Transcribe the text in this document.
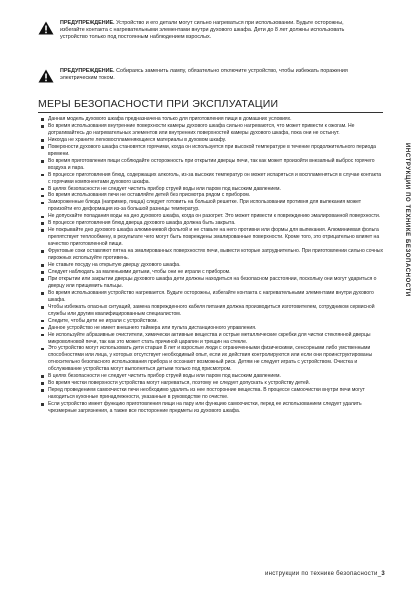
ПРЕДУПРЕЖДЕНИЕ. Устройство и его детали могут сильно нагреваться при использовании. Будьте осторожны, избегайте контакта с нагревательными элементами внутри духового шкафа. Дети до 8 лет должны использовать устройство только под постоянным наблюдением взрослых.
ПРЕДУПРЕЖДЕНИЕ. Собираясь заменить лампу, обязательно отключите устройство, чтобы избежать поражения электрическим током.
МЕРЫ БЕЗОПАСНОСТИ ПРИ ЭКСПЛУАТАЦИИ
Данная модель духового шкафа предназначена только для приготовления пищи в домашних условиях.
Во время использования внутренние поверхности камеры духового шкафа сильно нагреваются, что может привести к ожогам. Не дотрагивайтесь до нагревательных элементов или внутренних поверхностей камеры духового шкафа, пока они не остынут.
Никогда не храните легковоспламеняющиеся материалы в духовом шкафу.
Поверхности духового шкафа становятся горячими, когда он используется при высокой температуре в течение продолжительного периода времени.
Во время приготовления пищи соблюдайте осторожность при открытии дверцы печи, так как может произойти внезапный выброс горячего воздуха и пара.
В процессе приготовления блюд, содержащих алкоголь, из-за высоких температур он может испаряться и воспламеняться в случае контакта с горячими компонентами духового шкафа.
В целях безопасности не следует чистить прибор струей воды или паром под высоким давлением.
Во время использования печи не оставляйте детей без присмотра рядом с прибором.
Замороженные блюда (например, пицца) следует готовить на большой решетке. При использовании противня для выпекания может произойти его деформация из-за большой разницы температур.
Не допускайте попадания воды на дно духового шкафа, когда он разогрет. Это может привести к повреждению эмалированной поверхности.
В процессе приготовления блюд дверца духового шкафа должна быть закрыта.
Не покрывайте дно духового шкафа алюминиевой фольгой и не ставьте на него противни или формы для выпекания. Алюминиевая фольга препятствует теплообмену, в результате чего могут быть повреждены эмалированные поверхности. Кроме того, это отрицательно влияет на качество приготовленной пищи.
Фруктовые соки оставляют пятна на эмалированных поверхностях печи, вывести которые затруднительно. При приготовлении сильно сочных пирожных используйте противень.
Не ставьте посуду на открытую дверцу духового шкафа.
Следует наблюдать за маленькими детьми, чтобы они не играли с прибором.
При открытии или закрытии дверцы духового шкафа дети должны находиться на безопасном расстоянии, поскольку они могут удариться о дверцу или прищемить пальцы.
Во время использования устройство нагревается. Будьте осторожны, избегайте контакта с нагревательными элементами внутри духового шкафа.
Чтобы избежать опасных ситуаций, замена поврежденного кабеля питания должна производиться изготовителем, сотрудником сервисной службы или другим квалифицированным специалистом.
Следите, чтобы дети не играли с устройством.
Данное устройство не имеет внешнего таймера или пульта дистанционного управления.
Не используйте абразивные очистители, химически активные вещества и острые металлические скребки для чистки стеклянной дверцы микроволновой печи, так как это может стать причиной царапин и трещин на стекле.
Это устройство могут использовать дети старше 8 лет и взрослые люди с ограниченными физическими, сенсорными либо умственными способностями или лица, у которых отсутствует необходимый опыт, если их действия контролируются или если они проинструктированы относительно безопасного использования прибора и осознают возможный риск. Детям не следует играть с устройством. Очистка и обслуживание устройства могут выполняться детьми только под присмотром.
В целях безопасности не следует чистить прибор струей воды или паром под высоким давлением.
Во время чистки поверхности устройства могут нагреваться, поэтому не следует допускать к устройству детей.
Перед проведением самоочистки печи необходимо удалить из нее посторонние вещества. В процессе самоочистки внутри печи могут находиться кухонные принадлежности, указанные в руководстве по очистке.
Если устройство имеет функцию приготовления пищи на пару или функцию самоочистки, перед ее использованием следует удалить чрезмерные загрязнения, а также все посторонние предметы из духового шкафа.
ИНСТРУКЦИИ ПО ТЕХНИКЕ БЕЗОПАСНОСТИ
инструкции по технике безопасности_3
